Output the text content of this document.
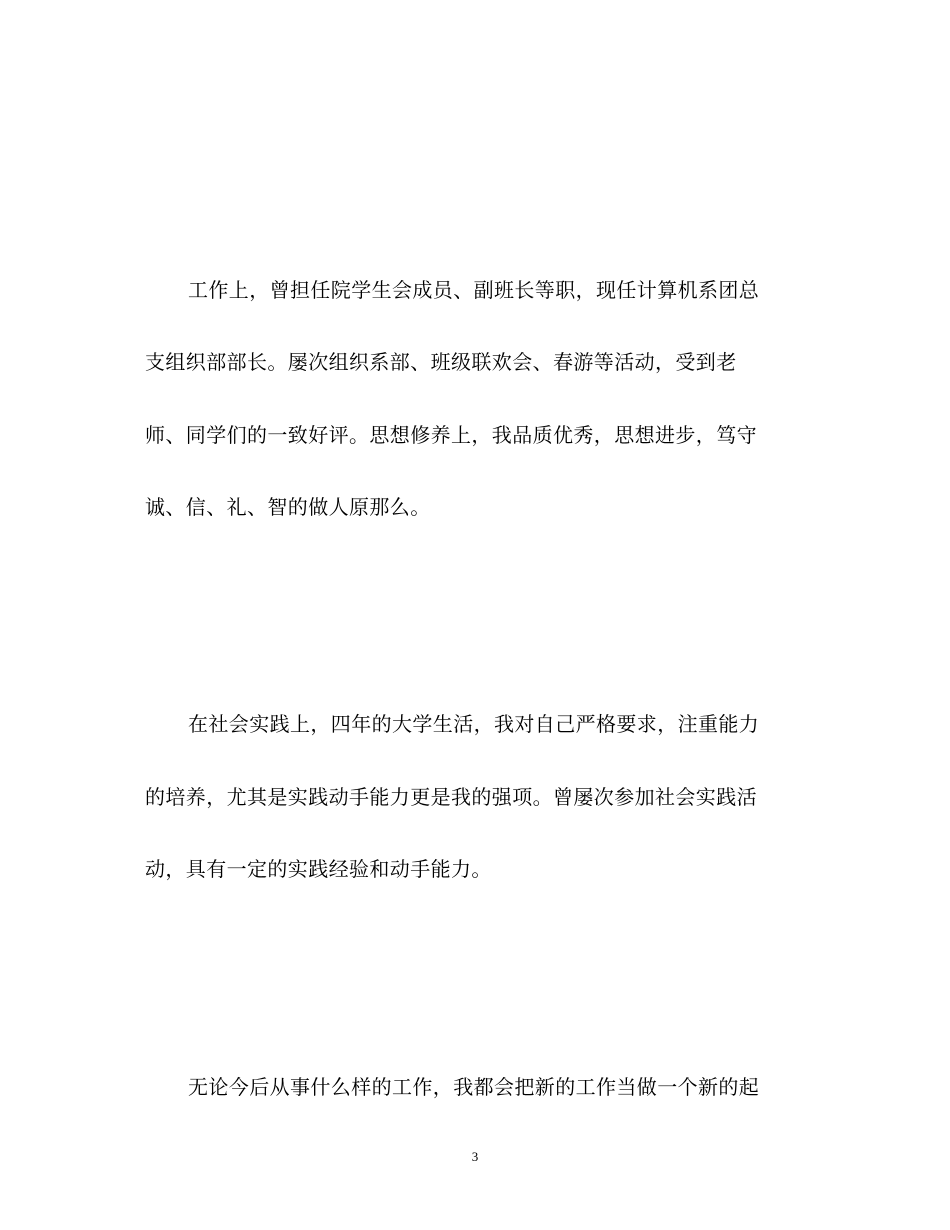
工作上，曾担任院学生会成员、副班长等职，现任计算机系团总
支组织部部长。屡次组织系部、班级联欢会、春游等活动，受到老
师、同学们的一致好评。思想修养上，我品质优秀，思想进步，笃守
诚、信、礼、智的做人原那么。
在社会实践上，四年的大学生活，我对自己严格要求，注重能力
的培养，尤其是实践动手能力更是我的强项。曾屡次参加社会实践活
动，具有一定的实践经验和动手能力。
无论今后从事什么样的工作，我都会把新的工作当做一个新的起
3
